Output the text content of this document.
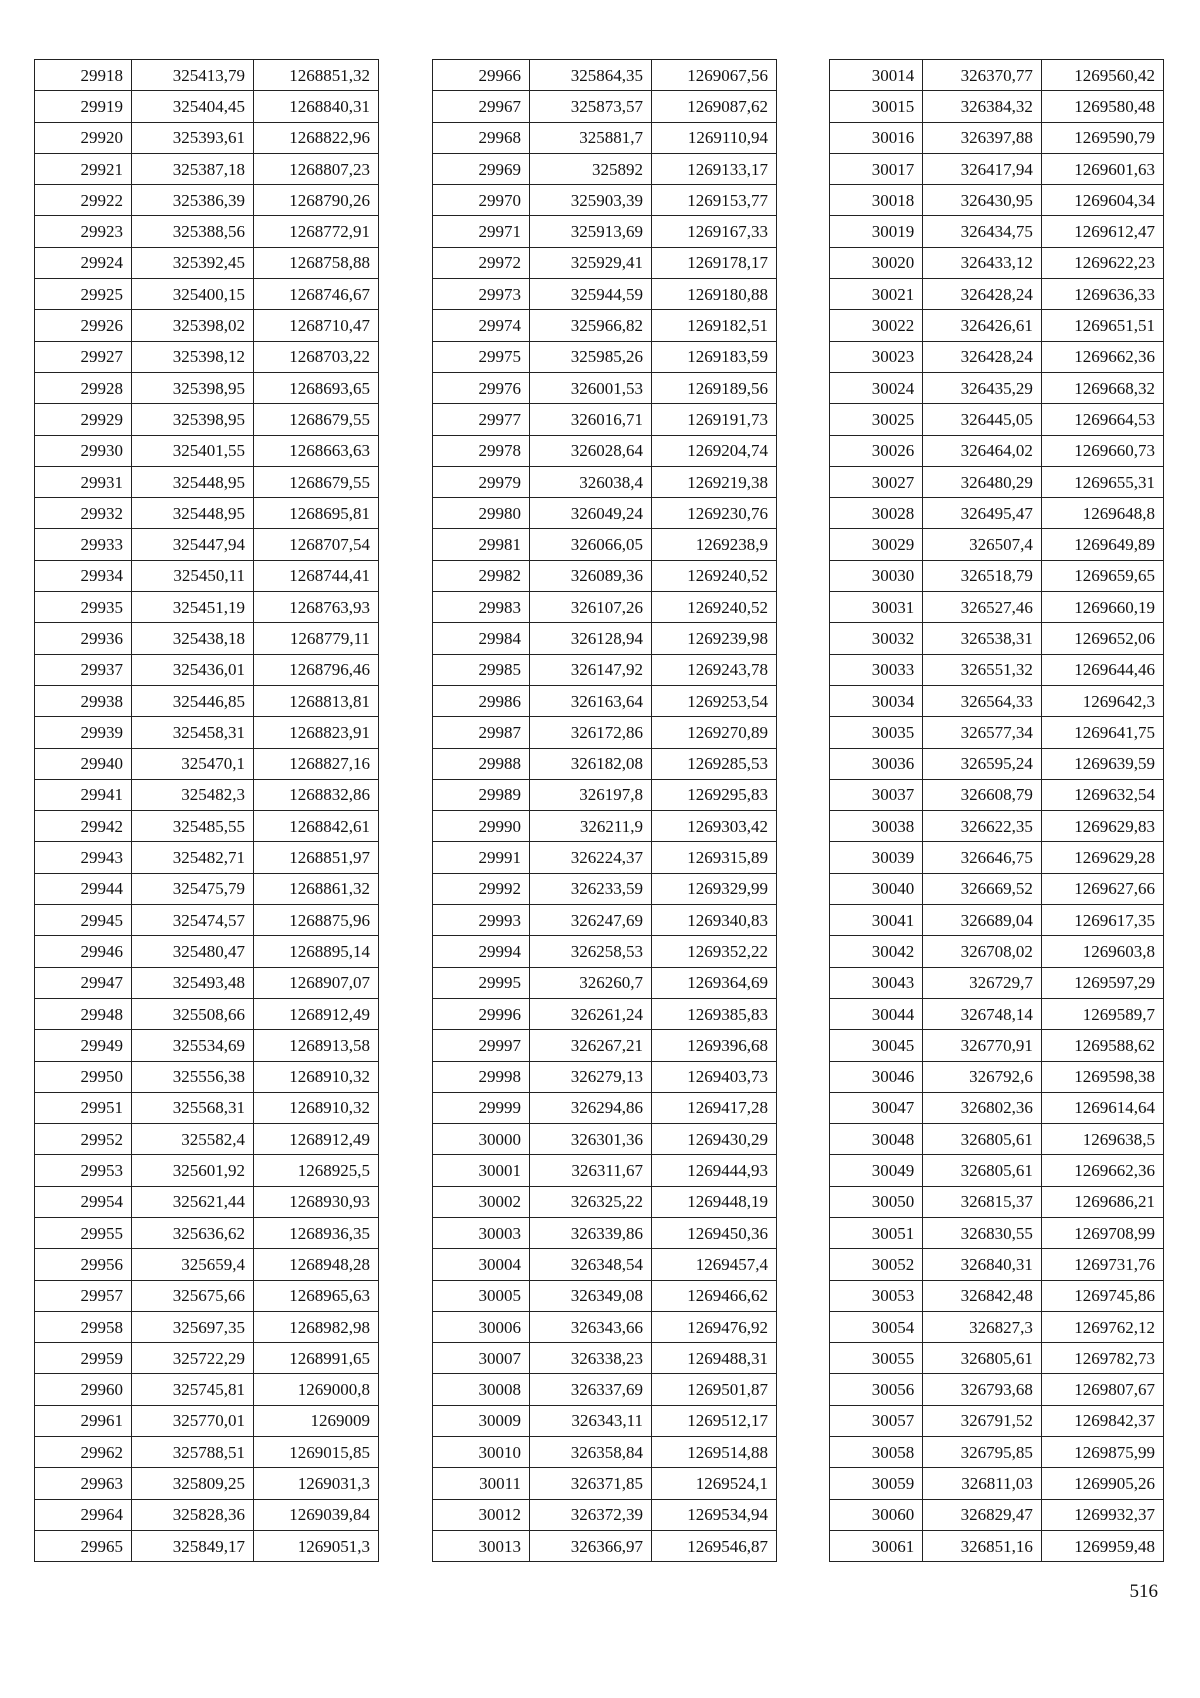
29918	325413,79	1268851,32
29919	325404,45	1268840,31
29920	325393,61	1268822,96
29921	325387,18	1268807,23
29922	325386,39	1268790,26
29923	325388,56	1268772,91
29924	325392,45	1268758,88
29925	325400,15	1268746,67
29926	325398,02	1268710,47
29927	325398,12	1268703,22
29928	325398,95	1268693,65
29929	325398,95	1268679,55
29930	325401,55	1268663,63
29931	325448,95	1268679,55
29932	325448,95	1268695,81
29933	325447,94	1268707,54
29934	325450,11	1268744,41
29935	325451,19	1268763,93
29936	325438,18	1268779,11
29937	325436,01	1268796,46
29938	325446,85	1268813,81
29939	325458,31	1268823,91
29940	325470,1	1268827,16
29941	325482,3	1268832,86
29942	325485,55	1268842,61
29943	325482,71	1268851,97
29944	325475,79	1268861,32
29945	325474,57	1268875,96
29946	325480,47	1268895,14
29947	325493,48	1268907,07
29948	325508,66	1268912,49
29949	325534,69	1268913,58
29950	325556,38	1268910,32
29951	325568,31	1268910,32
29952	325582,4	1268912,49
29953	325601,92	1268925,5
29954	325621,44	1268930,93
29955	325636,62	1268936,35
29956	325659,4	1268948,28
29957	325675,66	1268965,63
29958	325697,35	1268982,98
29959	325722,29	1268991,65
29960	325745,81	1269000,8
29961	325770,01	1269009
29962	325788,51	1269015,85
29963	325809,25	1269031,3
29964	325828,36	1269039,84
29965	325849,17	1269051,3
29966	325864,35	1269067,56
29967	325873,57	1269087,62
29968	325881,7	1269110,94
29969	325892	1269133,17
29970	325903,39	1269153,77
29971	325913,69	1269167,33
29972	325929,41	1269178,17
29973	325944,59	1269180,88
29974	325966,82	1269182,51
29975	325985,26	1269183,59
29976	326001,53	1269189,56
29977	326016,71	1269191,73
29978	326028,64	1269204,74
29979	326038,4	1269219,38
29980	326049,24	1269230,76
29981	326066,05	1269238,9
29982	326089,36	1269240,52
29983	326107,26	1269240,52
29984	326128,94	1269239,98
29985	326147,92	1269243,78
29986	326163,64	1269253,54
29987	326172,86	1269270,89
29988	326182,08	1269285,53
29989	326197,8	1269295,83
29990	326211,9	1269303,42
29991	326224,37	1269315,89
29992	326233,59	1269329,99
29993	326247,69	1269340,83
29994	326258,53	1269352,22
29995	326260,7	1269364,69
29996	326261,24	1269385,83
29997	326267,21	1269396,68
29998	326279,13	1269403,73
29999	326294,86	1269417,28
30000	326301,36	1269430,29
30001	326311,67	1269444,93
30002	326325,22	1269448,19
30003	326339,86	1269450,36
30004	326348,54	1269457,4
30005	326349,08	1269466,62
30006	326343,66	1269476,92
30007	326338,23	1269488,31
30008	326337,69	1269501,87
30009	326343,11	1269512,17
30010	326358,84	1269514,88
30011	326371,85	1269524,1
30012	326372,39	1269534,94
30013	326366,97	1269546,87
30014	326370,77	1269560,42
30015	326384,32	1269580,48
30016	326397,88	1269590,79
30017	326417,94	1269601,63
30018	326430,95	1269604,34
30019	326434,75	1269612,47
30020	326433,12	1269622,23
30021	326428,24	1269636,33
30022	326426,61	1269651,51
30023	326428,24	1269662,36
30024	326435,29	1269668,32
30025	326445,05	1269664,53
30026	326464,02	1269660,73
30027	326480,29	1269655,31
30028	326495,47	1269648,8
30029	326507,4	1269649,89
30030	326518,79	1269659,65
30031	326527,46	1269660,19
30032	326538,31	1269652,06
30033	326551,32	1269644,46
30034	326564,33	1269642,3
30035	326577,34	1269641,75
30036	326595,24	1269639,59
30037	326608,79	1269632,54
30038	326622,35	1269629,83
30039	326646,75	1269629,28
30040	326669,52	1269627,66
30041	326689,04	1269617,35
30042	326708,02	1269603,8
30043	326729,7	1269597,29
30044	326748,14	1269589,7
30045	326770,91	1269588,62
30046	326792,6	1269598,38
30047	326802,36	1269614,64
30048	326805,61	1269638,5
30049	326805,61	1269662,36
30050	326815,37	1269686,21
30051	326830,55	1269708,99
30052	326840,31	1269731,76
30053	326842,48	1269745,86
30054	326827,3	1269762,12
30055	326805,61	1269782,73
30056	326793,68	1269807,67
30057	326791,52	1269842,37
30058	326795,85	1269875,99
30059	326811,03	1269905,26
30060	326829,47	1269932,37
30061	326851,16	1269959,48
516
